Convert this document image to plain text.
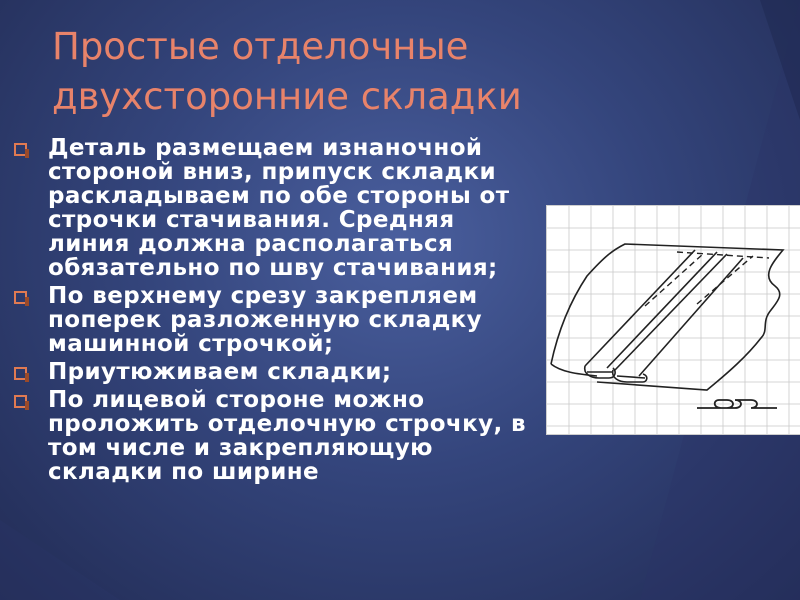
Простые отделочные
двухсторонние складки
Деталь размещаем изнаночной стороной вниз, припуск складки раскладываем по обе стороны от строчки стачивания. Средняя линия должна располагаться обязательно по шву стачивания;
По верхнему срезу закрепляем поперек разложенную складку машинной строчкой;
Приутюживаем складки;
По лицевой стороне можно проложить отделочную строчку, в том числе и закрепляющую складки по ширине
